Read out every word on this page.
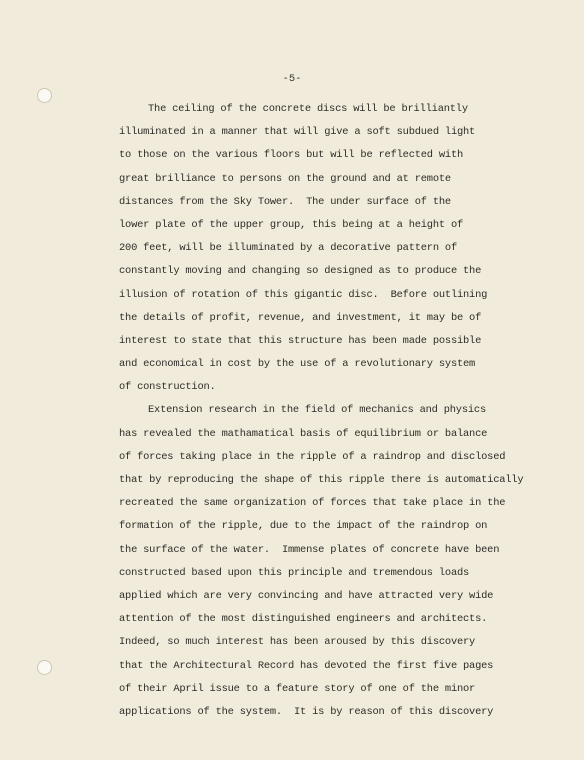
-5-
The ceiling of the concrete discs will be brilliantly
illuminated in a manner that will give a soft subdued light
to those on the various floors but will be reflected with
great brilliance to persons on the ground and at remote
distances from the Sky Tower.  The under surface of the
lower plate of the upper group, this being at a height of
200 feet, will be illuminated by a decorative pattern of
constantly moving and changing so designed as to produce the
illusion of rotation of this gigantic disc.  Before outlining
the details of profit, revenue, and investment, it may be of
interest to state that this structure has been made possible
and economical in cost by the use of a revolutionary system
of construction.
Extension research in the field of mechanics and physics
has revealed the mathamatical basis of equilibrium or balance
of forces taking place in the ripple of a raindrop and disclosed
that by reproducing the shape of this ripple there is automatically
recreated the same organization of forces that take place in the
formation of the ripple, due to the impact of the raindrop on
the surface of the water.  Immense plates of concrete have been
constructed based upon this principle and tremendous loads
applied which are very convincing and have attracted very wide
attention of the most distinguished engineers and architects.
Indeed, so much interest has been aroused by this discovery
that the Architectural Record has devoted the first five pages
of their April issue to a feature story of one of the minor
applications of the system.  It is by reason of this discovery
